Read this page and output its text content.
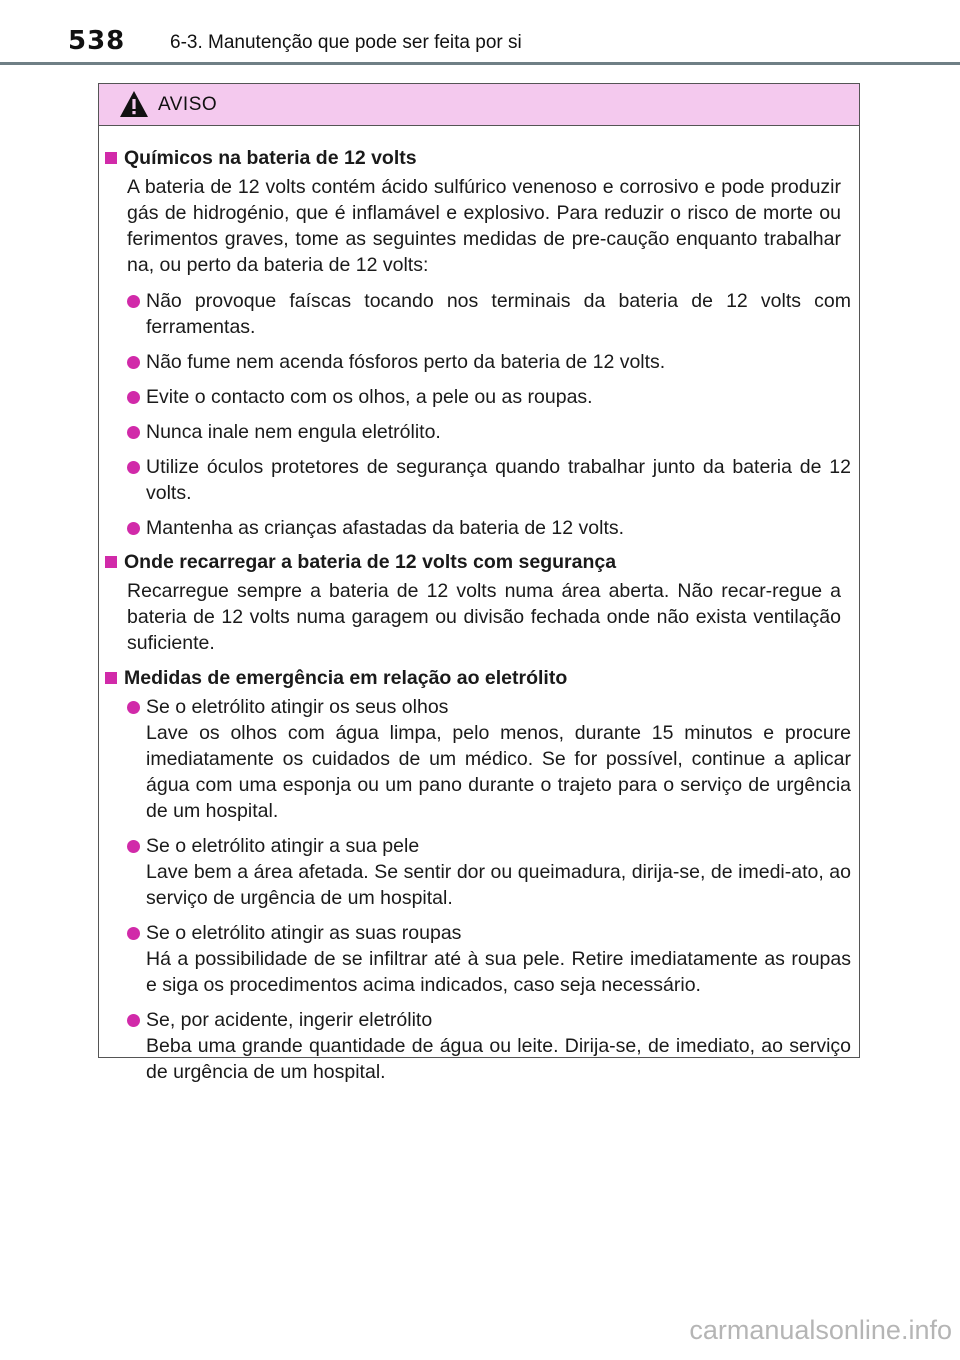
538 6-3. Manutenção que pode ser feita por si
AVISO
Químicos na bateria de 12 volts
A bateria de 12 volts contém ácido sulfúrico venenoso e corrosivo e pode produzir gás de hidrogénio, que é inflamável e explosivo. Para reduzir o risco de morte ou ferimentos graves, tome as seguintes medidas de pre-caução enquanto trabalhar na, ou perto da bateria de 12 volts:
Não provoque faíscas tocando nos terminais da bateria de 12 volts com ferramentas.
Não fume nem acenda fósforos perto da bateria de 12 volts.
Evite o contacto com os olhos, a pele ou as roupas.
Nunca inale nem engula eletrólito.
Utilize óculos protetores de segurança quando trabalhar junto da bateria de 12 volts.
Mantenha as crianças afastadas da bateria de 12 volts.
Onde recarregar a bateria de 12 volts com segurança
Recarregue sempre a bateria de 12 volts numa área aberta. Não recar-regue a bateria de 12 volts numa garagem ou divisão fechada onde não exista ventilação suficiente.
Medidas de emergência em relação ao eletrólito
Se o eletrólito atingir os seus olhos
Lave os olhos com água limpa, pelo menos, durante 15 minutos e procure imediatamente os cuidados de um médico. Se for possível, continue a aplicar água com uma esponja ou um pano durante o trajeto para o serviço de urgência de um hospital.
Se o eletrólito atingir a sua pele
Lave bem a área afetada. Se sentir dor ou queimadura, dirija-se, de imedi-ato, ao serviço de urgência de um hospital.
Se o eletrólito atingir as suas roupas
Há a possibilidade de se infiltrar até à sua pele. Retire imediatamente as roupas e siga os procedimentos acima indicados, caso seja necessário.
Se, por acidente, ingerir eletrólito
Beba uma grande quantidade de água ou leite. Dirija-se, de imediato, ao serviço de urgência de um hospital.
carmanualsonline.info
